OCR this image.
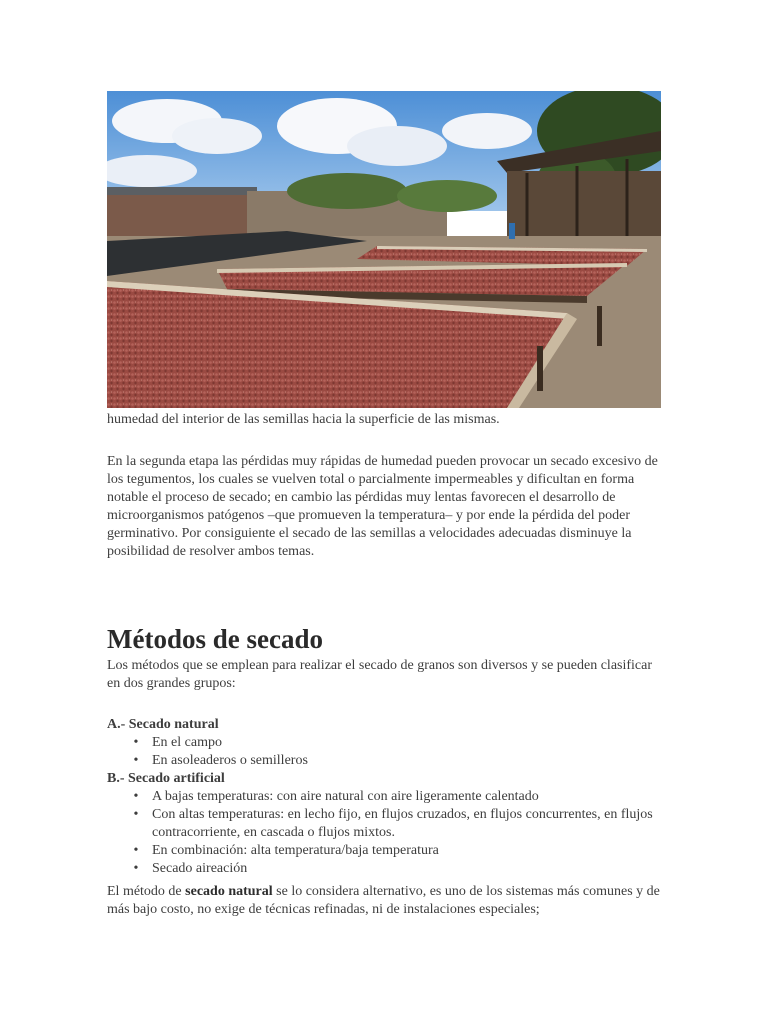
humedad del interior de las semillas hacia la superficie de las mismas.
En la segunda etapa las pérdidas muy rápidas de humedad pueden provocar un secado excesivo de los tegumentos, los cuales se vuelven total o parcialmente impermeables y dificultan en forma notable el proceso de secado; en cambio las pérdidas muy lentas favorecen el desarrollo de microorganismos patógenos –que promueven la temperatura– y por ende la pérdida del poder germinativo. Por consiguiente el secado de las semillas a velocidades adecuadas disminuye la posibilidad de resolver ambos temas.
Métodos de secado
Los métodos que se emplean para realizar el secado de granos son diversos y se pueden clasificar en dos grandes grupos:
A.- Secado natural
• En el campo
• En asoleaderos o semilleros
B.- Secado artificial
• A bajas temperaturas: con aire natural con aire ligeramente calentado
• Con altas temperaturas: en lecho fijo, en flujos cruzados, en flujos concurrentes, en flujos contracorriente, en cascada o flujos mixtos.
• En combinación: alta temperatura/baja temperatura
• Secado aireación
El método de secado natural se lo considera alternativo, es uno de los sistemas más comunes y de más bajo costo, no exige de técnicas refinadas, ni de instalaciones especiales;
